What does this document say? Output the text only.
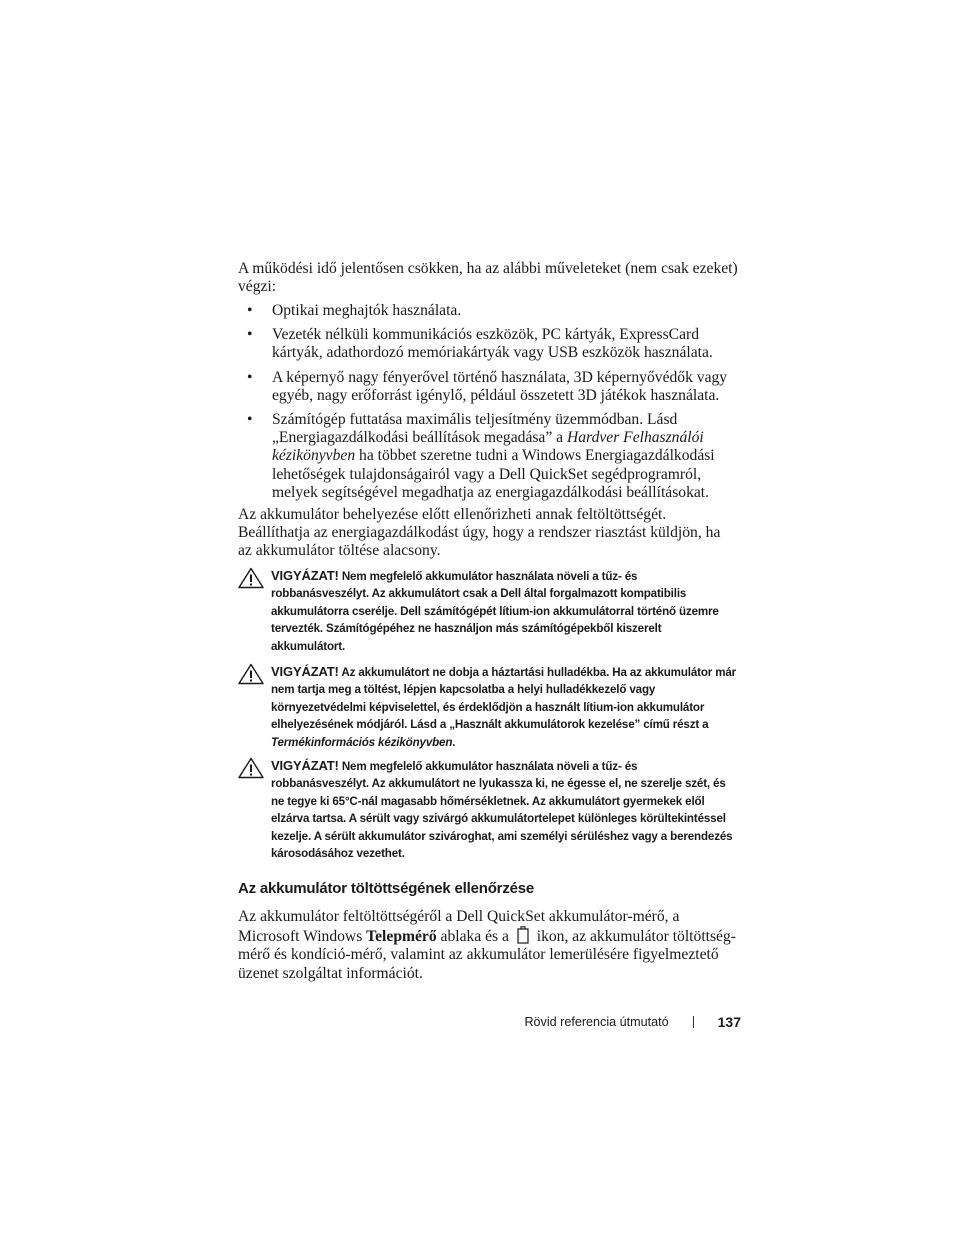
A működési idő jelentősen csökken, ha az alábbi műveleteket (nem csak ezeket) végzi:

• Optikai meghajtók használata.
• Vezeték nélküli kommunikációs eszközök, PC kártyák, ExpressCard kártyák, adathordozó memóriakártyák vagy USB eszközök használata.
• A képernyő nagy fényerővel történő használata, 3D képernyővédők vagy egyéb, nagy erőforrást igénylő, például összetett 3D játékok használata.
• Számítógép futtatása maximális teljesítmény üzemmódban. Lásd „Energiagazdálkodási beállítások megadása” a Hardver Felhasználói kézikönyvben ha többet szeretne tudni a Windows Energiagazdálkodási lehetőségek tulajdonságairól vagy a Dell QuickSet segédprogramról, melyek segítségével megadhatja az energiagazdálkodási beállításokat.

Az akkumulátor behelyezése előtt ellenőrizheti annak feltöltöttségét. Beállíthatja az energiagazdálkodást úgy, hogy a rendszer riasztást küldjön, ha az akkumulátor töltése alacsony.

VIGYÁZAT! Nem megfelelő akkumulátor használata növeli a tűz- és robbanásveszélyt. Az akkumulátort csak a Dell által forgalmazott kompatibilis akkumulátorra cserélje. Dell számítógépét lítium-ion akkumulátorral történő üzemre tervezték. Számítógépéhez ne használjon más számítógépekből kiszerelt akkumulátort.
VIGYÁZAT! Az akkumulátort ne dobja a háztartási hulladékba. Ha az akkumulátor már nem tartja meg a töltést, lépjen kapcsolatba a helyi hulladékkezelő vagy környezetvédelmi képviselettel, és érdeklődjön a használt lítium-ion akkumulátor elhelyezésének módjáról. Lásd a „Használt akkumulátorok kezelése” című részt a Termékinformációs kézikönyvben.
VIGYÁZAT! Nem megfelelő akkumulátor használata növeli a tűz- és robbanásveszélyt. Az akkumulátort ne lyukassza ki, ne égesse el, ne szerelje szét, és ne tegye ki 65°C-nál magasabb hőmérsékletnek. Az akkumulátort gyermekek elől elzárva tartsa. A sérült vagy szivárgó akkumulátortelepet különleges körültekintéssel kezelje. A sérült akkumulátor szivároghat, ami személyi sérüléshez vagy a berendezés károsodásához vezethet.
Az akkumulátor töltöttségének ellenőrzése

Az akkumulátor feltöltöttségéről a Dell QuickSet akkumulátor-mérő, a Microsoft Windows Telepmérő ablaka és a ikon, az akkumulátor töltöttség-mérő és kondíció-mérő, valamint az akkumulátor lemerülésére figyelmeztető üzenet szolgáltat információt.

Rövid referencia útmutató	137
